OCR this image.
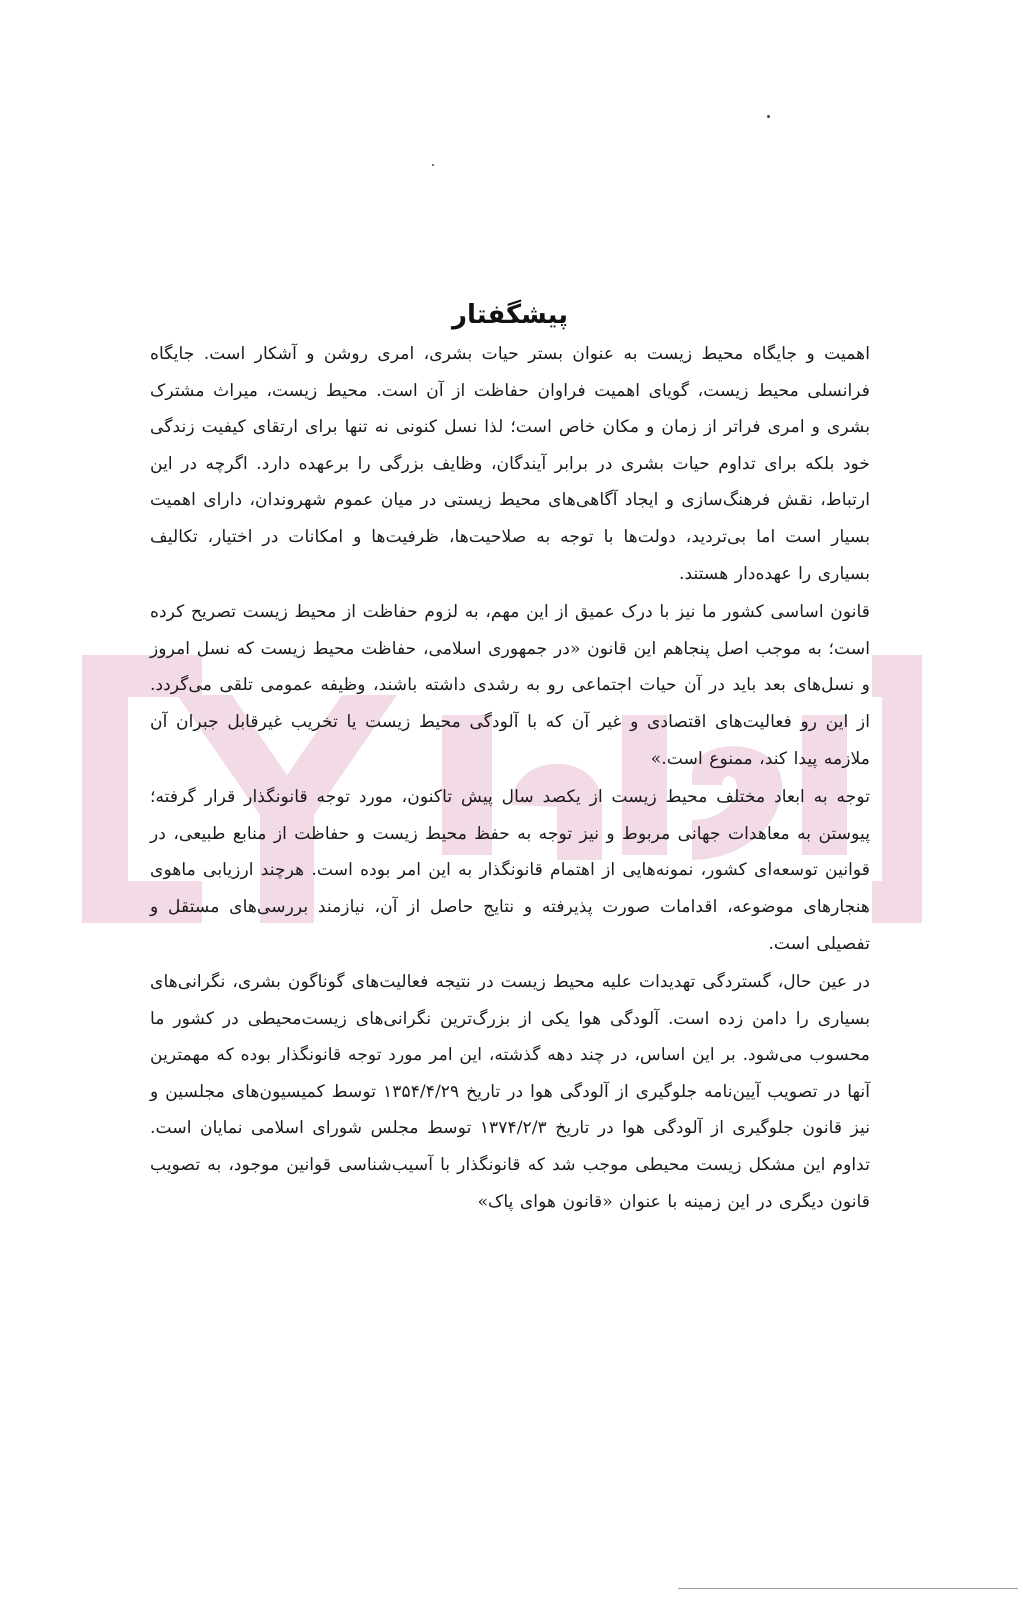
پیشگفتار

اهمیت و جایگاه محیط زیست به عنوان بستر حیات بشری، امری روشن و آشکار است. جایگاه فرانسلی محیط زیست، گویای اهمیت فراوان حفاظت از آن است. محیط زیست، میراث مشترک بشری و امری فراتر از زمان و مکان خاص است؛ لذا نسل کنونی نه تنها برای ارتقای کیفیت زندگی خود بلکه برای تداوم حیات بشری در برابر آیندگان، وظایف بزرگی را برعهده دارد. اگرچه در این ارتباط، نقش فرهنگ‌سازی و ایجاد آگاهی‌های محیط زیستی در میان عموم شهروندان، دارای اهمیت بسیار است اما بی‌تردید، دولت‌ها با توجه به صلاحیت‌ها، ظرفیت‌ها و امکانات در اختیار، تکالیف بسیاری را عهده‌دار هستند.

قانون اساسی کشور ما نیز با درک عمیق از این مهم، به لزوم حفاظت از محیط زیست تصریح کرده است؛ به موجب اصل پنجاهم این قانون «در جمهوری اسلامی، حفاظت محیط زیست که نسل امروز و نسل‌های بعد باید در آن حیات اجتماعی رو به رشدی داشته باشند، وظیفه عمومی تلقی می‌گردد. از این رو فعالیت‌های اقتصادی و غیر آن که با آلودگی محیط زیست یا تخریب غیرقابل جبران آن ملازمه پیدا کند، ممنوع است.»

توجه به ابعاد مختلف محیط زیست از یکصد سال پیش تاکنون، مورد توجه قانونگذار قرار گرفته؛ پیوستن به معاهدات جهانی مربوط و نیز توجه به حفظ محیط زیست و حفاظت از منابع طبیعی، در قوانین توسعه‌ای کشور، نمونه‌هایی از اهتمام قانونگذار به این امر بوده است. هرچند ارزیابی ماهوی هنجارهای موضوعه، اقدامات صورت پذیرفته و نتایج حاصل از آن، نیازمند بررسی‌های مستقل و تفصیلی است.

در عین حال، گستردگی تهدیدات علیه محیط زیست در نتیجه فعالیت‌های گوناگون بشری، نگرانی‌های بسیاری را دامن زده است. آلودگی هوا یکی از بزرگ‌ترین نگرانی‌های زیست‌محیطی در کشور ما محسوب می‌شود. بر این اساس، در چند دهه گذشته، این امر مورد توجه قانونگذار بوده که مهمترین آنها در تصویب آیین‌نامه جلوگیری از آلودگی هوا در تاریخ ۱۳۵۴/۴/۲۹ توسط کمیسیون‌های مجلسین و نیز قانون جلوگیری از آلودگی هوا در تاریخ ۱۳۷۴/۲/۳ توسط مجلس شورای اسلامی نمایان است. تداوم این مشکل زیست محیطی موجب شد که قانونگذار با آسیب‌شناسی قوانین موجود، به تصویب قانون دیگری در این زمینه با عنوان «قانون هوای پاک»
